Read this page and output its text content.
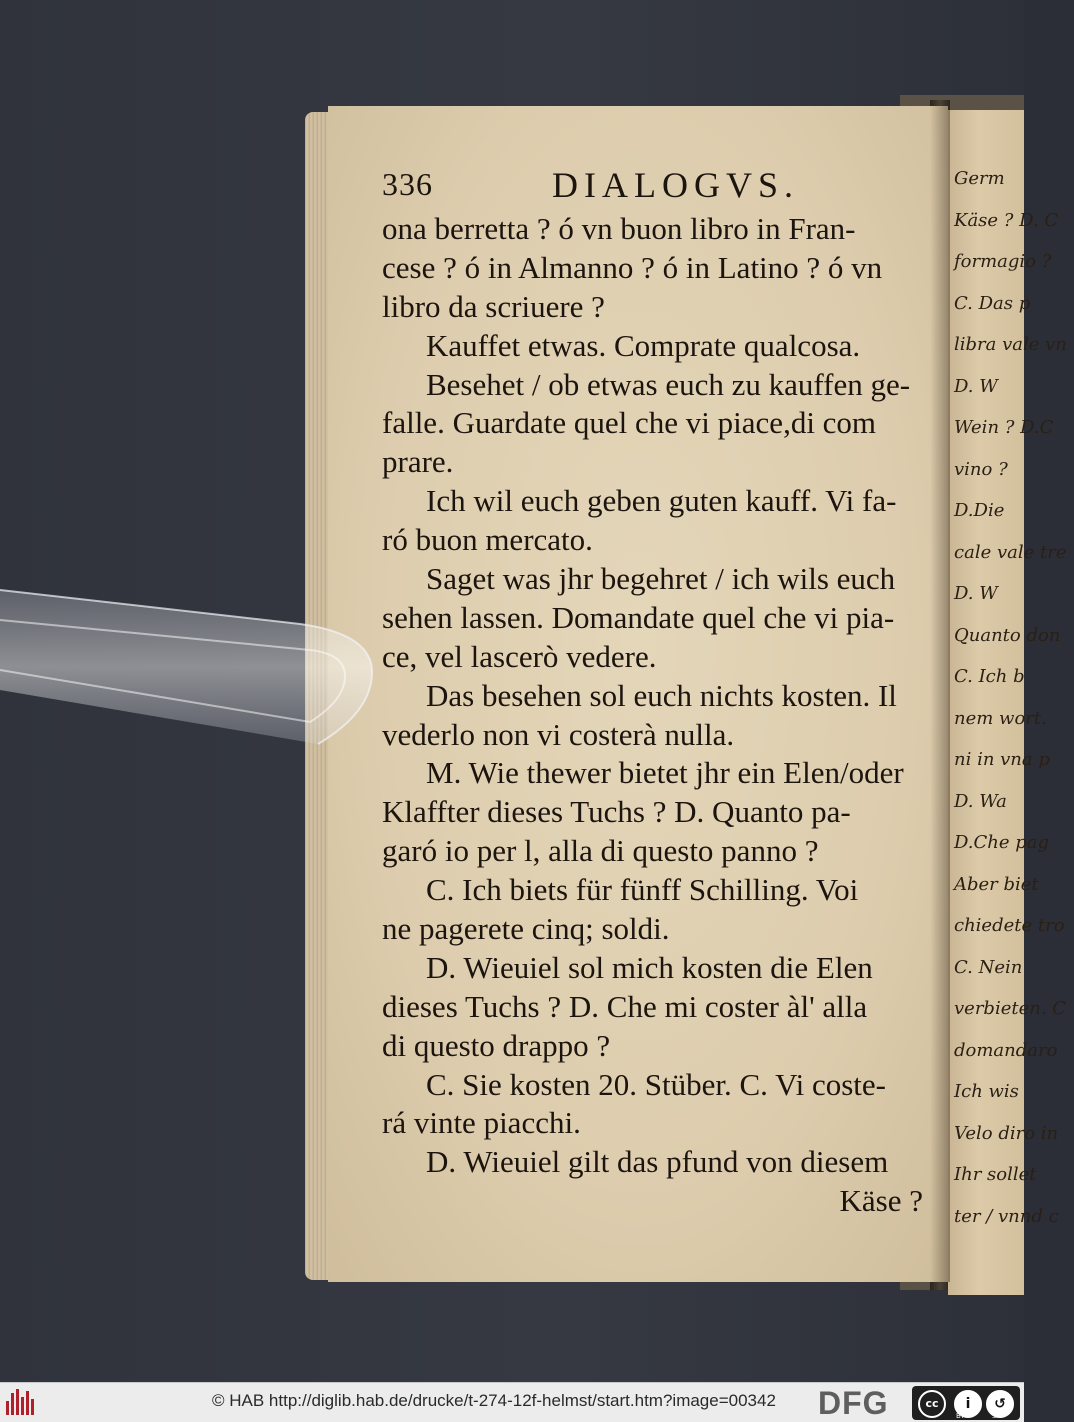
Germ
Käse ? D. C
formagio ?
C. Das p
libra vale vn
D. W
Wein ? D.C
vino ?
D.Die
cale vale tre
D. W
Quanto don
C. Ich b
nem wort.
ni in vna p
D. Wa
D.Che pag
Aber biet
chiedete tro
C. Nein
verbieten. C
domandaro
Ich wis
Velo diro in
Ihr sollet
ter / vnnd c
336	DIALOGVS.
ona berretta ? ó vn buon libro in Fran-
cese ? ó in Almanno ? ó in Latino ? ó vn
libro da scriuere ?
Kauffet etwas. Comprate qualcosa.
Besehet / ob etwas euch zu kauffen ge-
falle. Guardate quel che vi piace,di com
prare.
Ich wil euch geben guten kauff. Vi fa-
ró buon mercato.
Saget was jhr begehret / ich wils euch
sehen lassen. Domandate quel che vi pia-
ce, vel lascerò vedere.
Das besehen sol euch nichts kosten. Il
vederlo non vi costerà nulla.
M. Wie thewer bietet jhr ein Elen/oder
Klaffter dieses Tuchs ? D. Quanto pa-
garó io per l, alla di questo panno ?
C. Ich biets für fünff Schilling. Voi
ne pagerete cinq; soldi.
D. Wieuiel sol mich kosten die Elen
dieses Tuchs ? D. Che mi coster àl' alla
di questo drappo ?
C. Sie kosten 20. Stüber. C. Vi coste-
rá vinte piacchi.
D. Wieuiel gilt das pfund von diesem
Käse ?
© HAB http://diglib.hab.de/drucke/t-274-12f-helmst/start.htm?image=00342 DFG	cc	i	↺
BY	SA
